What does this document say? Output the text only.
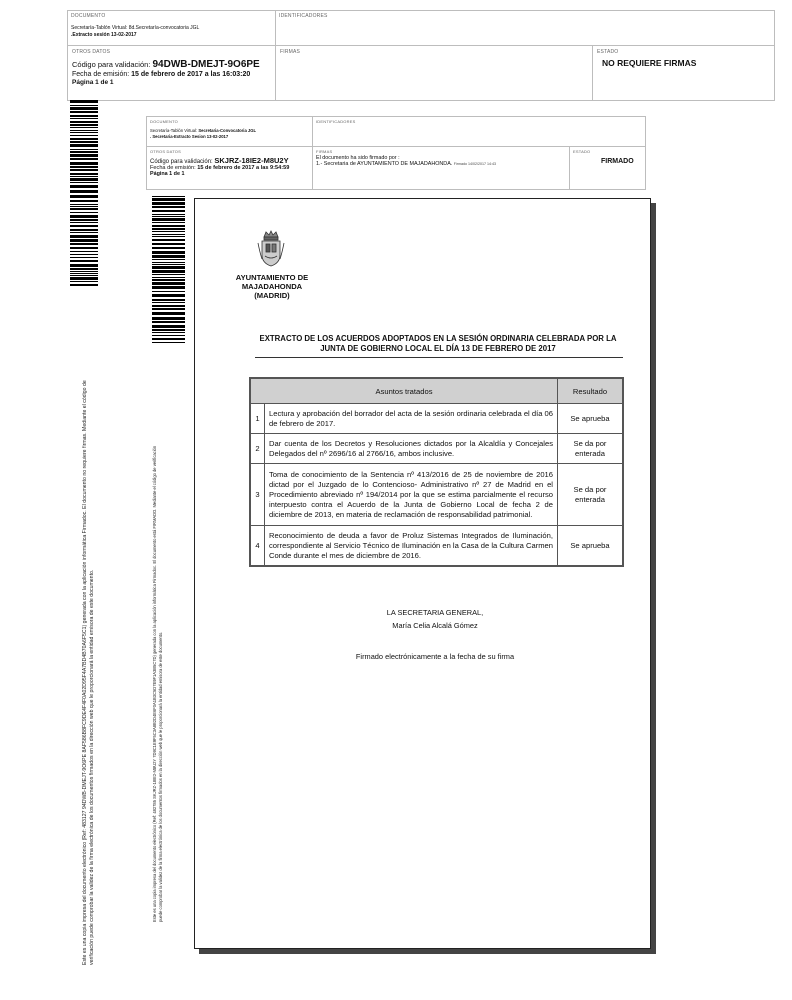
DOCUMENTO
Secretaría-Tablón Virtual: 8d.Secretaría-convocatoria JGL
.Extracto sesión 13-02-2017
IDENTIFICADORES
OTROS DATOS
Código para validación: 94DWB-DMEJT-9O6PE
Fecha de emisión: 15 de febrero de 2017 a las 16:03:20
Página 1 de 1
FIRMAS	ESTADO
NO REQUIERE FIRMAS
Este es una copia impresa del documento electrónico (Ref: 483127 94DWB-DMEJT-9O6PE 8AF586B8FC9DE4F4F0A02D95F4A7BD4B70A6F5C1) generada con la aplicación informática Firmadoc. El documento no requiere firmas. Mediante el código de verificación puede comprobar la validez de la firma electrónica de los documentos firmados en la dirección web que le proporcionará la entidad emisora de este documento.
DOCUMENTO
Secretaría-Tablón Virtual: Secretaria-Convocatoria JGL
. Secretaria-Extracto Sesion 13-02-2017
IDENTIFICADORES
OTROS DATOS
Código para validación: SKJRZ-18IE2-M8U2Y
Fecha de emisión: 15 de febrero de 2017 a las 9:54:59
Página 1 de 1
FIRMAS
El documento ha sido firmado por :
1.- Secretaria de AYUNTAMIENTO DE MAJADAHONDA. Firmado 14/02/2017 14:43
ESTADO
FIRMADO
Este es una copia impresa del documento electrónico (Ref: 482785 SKJRZ-18IE2-M8U2Y 7D9C1E9F5C3A8B2D4E6F0A1B3C5D7E9F1A3B5C7D) generada con la aplicación informática Firmadoc. El documento está FIRMADO. Mediante el código de verificación puede comprobar la validez de la firma electrónica de los documentos firmados en la dirección web que le proporcionará la entidad emisora de este documento.
AYUNTAMIENTO DE
MAJADAHONDA
(MADRID)
EXTRACTO DE LOS ACUERDOS ADOPTADOS EN LA SESIÓN ORDINARIA CELEBRADA POR LA
JUNTA DE GOBIERNO LOCAL EL DÍA 13 DE FEBRERO DE 2017
Asuntos tratados		Resultado
1	Lectura y aprobación del borrador del acta de la sesión ordinaria celebrada el día 06 de febrero de 2017.	Se aprueba
2	Dar cuenta de los Decretos y Resoluciones dictados por la Alcaldía y Concejales Delegados del nº 2696/16 al 2766/16, ambos inclusive.	Se da por enterada
3	Toma de conocimiento de la Sentencia nº 413/2016 de 25 de noviembre de 2016 dictad por el Juzgado de lo Contencioso- Administrativo nº 27 de Madrid en el Procedimiento abreviado nº 194/2014 por la que se estima parcialmente el recurso interpuesto contra el Acuerdo de la Junta de Gobierno Local de fecha 2 de diciembre de 2013, en materia de reclamación de responsabilidad patrimonial.	Se da por enterada
4	Reconocimiento de deuda a favor de Proluz Sistemas Integrados de Iluminación, correspondiente al Servicio Técnico de Iluminación en la Casa de la Cultura Carmen Conde durante el mes de diciembre de 2016.	Se aprueba
LA SECRETARIA GENERAL,
María Celia Alcalá Gómez
Firmado electrónicamente a la fecha de su firma
